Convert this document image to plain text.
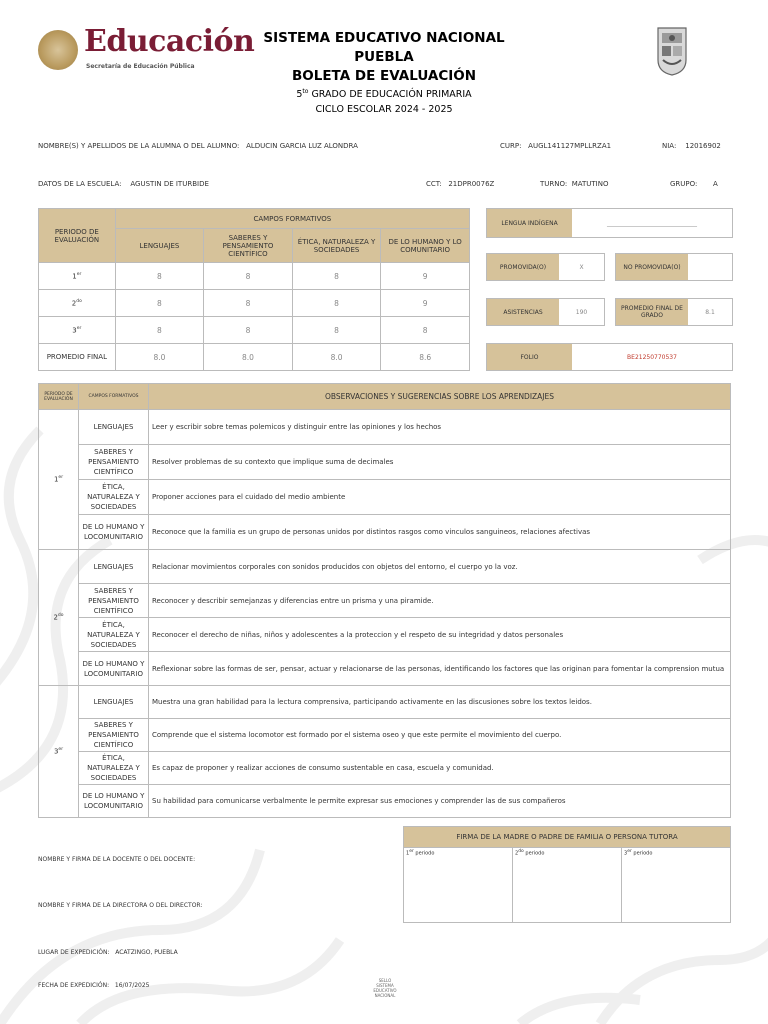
Educación
Secretaría de Educación Pública
SISTEMA EDUCATIVO NACIONAL
PUEBLA
BOLETA DE EVALUACIÓN
$5^{to}$ GRADO DE EDUCACIÓN PRIMARIA
CICLO ESCOLAR 2024 - 2025
NOMBRE(S) Y APELLIDOS DE LA ALUMNA O DEL ALUMNO: ALDUCIN GARCIA LUZ ALONDRA	CURP: AUGL141127MPLLRZA1	NIA: 12016902
DATOS DE LA ESCUELA: AGUSTIN DE ITURBIDE	CCT: 21DPR0076Z	TURNO: MATUTINO	GRUPO: A
PERIODO DE EVALUACIÓN	CAMPOS FORMATIVOS			
	LENGUAJES	SABERES Y PENSAMIENTO CIENTÍFICO	ÉTICA, NATURALEZA Y SOCIEDADES	DE LO HUMANO Y LO COMUNITARIO
1er	8	8	8	9
$2^{do}$	8	8	8	9
3er	8	8	8	8
PROMEDIO FINAL	8.0	8.0	8.0	8.6
LENGUA INDÍGENA	______________________________
PROMOVIDA(O)	X	NO PROMOVIDA(O)
ASISTENCIAS	190	PROMEDIO FINAL DE GRADO	8.1
FOLIO	BE21250770537
PERIODO DE EVALUACIÓN	CAMPOS FORMATIVOS	OBSERVACIONES Y SUGERENCIAS SOBRE LOS APRENDIZAJES
1er	LENGUAJES	Leer y escribir sobre temas polemicos y distinguir entre las opiniones y los hechos
	SABERES Y PENSAMIENTO CIENTÍFICO	Resolver problemas de su contexto que implique suma de decimales
	ÉTICA, NATURALEZA Y SOCIEDADES	Proponer acciones para el cuidado del medio ambiente
	DE LO HUMANO Y LOCOMUNITARIO	Reconoce que la familia es un grupo de personas unidos por distintos rasgos como vinculos sanguineos, relaciones afectivas
$2^{do}$	LENGUAJES	Relacionar movimientos corporales con sonidos producidos con objetos del entorno, el cuerpo yo la voz.
	SABERES Y PENSAMIENTO CIENTÍFICO	Reconocer y describir semejanzas y diferencias entre un prisma y una piramide.
	ÉTICA, NATURALEZA Y SOCIEDADES	Reconocer el derecho de niñas, niños y adolescentes a la proteccion y el respeto de su integridad y datos personales
	DE LO HUMANO Y LOCOMUNITARIO	Reflexionar sobre las formas de ser, pensar, actuar y relacionarse de las personas, identificando los factores que las originan para fomentar la comprension mutua
3er	LENGUAJES	Muestra una gran habilidad para la lectura comprensiva, participando activamente en las discusiones sobre los textos leidos.
	SABERES Y PENSAMIENTO CIENTÍFICO	Comprende que el sistema locomotor est formado por el sistema oseo y que este permite el movimiento del cuerpo.
	ÉTICA, NATURALEZA Y SOCIEDADES	Es capaz de proponer y realizar acciones de consumo sustentable en casa, escuela y comunidad.
	DE LO HUMANO Y LOCOMUNITARIO	Su habilidad para comunicarse verbalmente le permite expresar sus emociones y comprender las de sus compañeros
FIRMA DE LA MADRE O PADRE DE FAMILIA O PERSONA TUTORA
1er periodo	$2^{do}$ periodo	3er periodo
NOMBRE Y FIRMA DE LA DOCENTE O DEL DOCENTE:
NOMBRE Y FIRMA DE LA DIRECTORA O DEL DIRECTOR:
LUGAR DE EXPEDICIÓN: ACATZINGO, PUEBLA
FECHA DE EXPEDICIÓN: 16/07/2025
SELLO
SISTEMA
EDUCATIVO
NACIONAL
